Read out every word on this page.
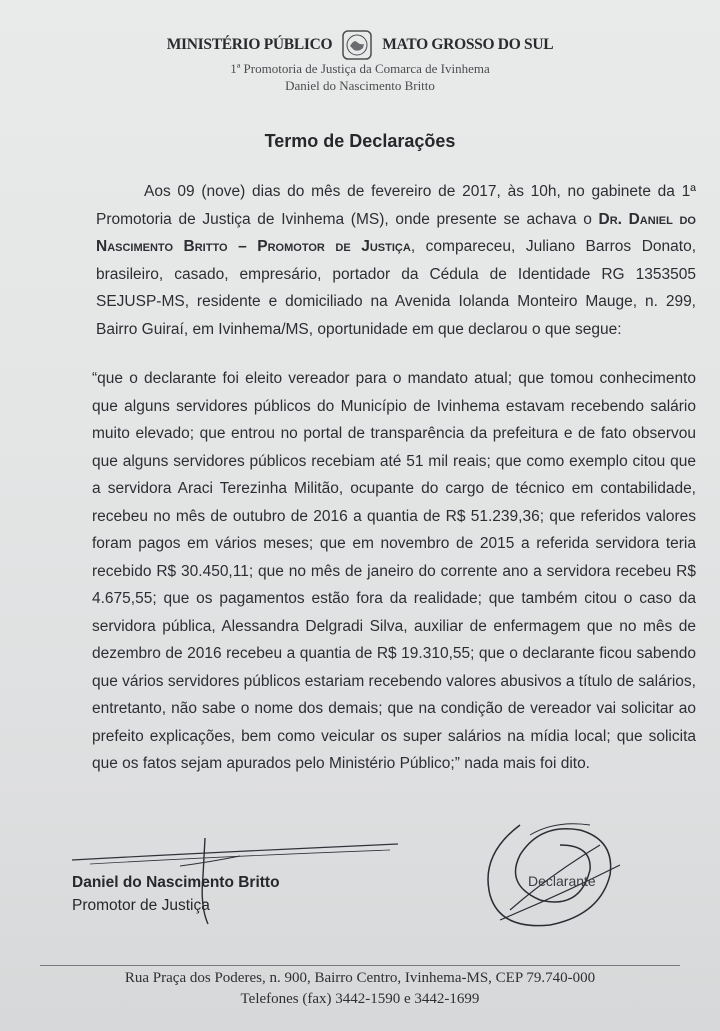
MINISTÉRIO PÚBLICO	MATO GROSSO DO SUL
1ª Promotoria de Justiça da Comarca de Ivinhema
Daniel do Nascimento Britto
Termo de Declarações
Aos 09 (nove) dias do mês de fevereiro de 2017, às 10h, no gabinete da 1ª Promotoria de Justiça de Ivinhema (MS), onde presente se achava o Dr. Daniel do Nascimento Britto – Promotor de Justiça, compareceu, Juliano Barros Donato, brasileiro, casado, empresário, portador da Cédula de Identidade RG 1353505 SEJUSP-MS, residente e domiciliado na Avenida Iolanda Monteiro Mauge, n. 299, Bairro Guiraí, em Ivinhema/MS, oportunidade em que declarou o que segue:
“que o declarante foi eleito vereador para o mandato atual; que tomou conhecimento que alguns servidores públicos do Município de Ivinhema estavam recebendo salário muito elevado; que entrou no portal de transparência da prefeitura e de fato observou que alguns servidores públicos recebiam até 51 mil reais; que como exemplo citou que a servidora Araci Terezinha Militão, ocupante do cargo de técnico em contabilidade, recebeu no mês de outubro de 2016 a quantia de R$ 51.239,36; que referidos valores foram pagos em vários meses; que em novembro de 2015 a referida servidora teria recebido R$ 30.450,11; que no mês de janeiro do corrente ano a servidora recebeu R$ 4.675,55; que os pagamentos estão fora da realidade; que também citou o caso da servidora pública, Alessandra Delgradi Silva, auxiliar de enfermagem que no mês de dezembro de 2016 recebeu a quantia de R$ 19.310,55; que o declarante ficou sabendo que vários servidores públicos estariam recebendo valores abusivos a título de salários, entretanto, não sabe o nome dos demais; que na condição de vereador vai solicitar ao prefeito explicações, bem como veicular os super salários na mídia local; que solicita que os fatos sejam apurados pelo Ministério Público;” nada mais foi dito.
Daniel do Nascimento Britto
Promotor de Justiça
Declarante
Rua Praça dos Poderes, n. 900, Bairro Centro, Ivinhema-MS, CEP 79.740-000
Telefones (fax) 3442-1590 e 3442-1699
